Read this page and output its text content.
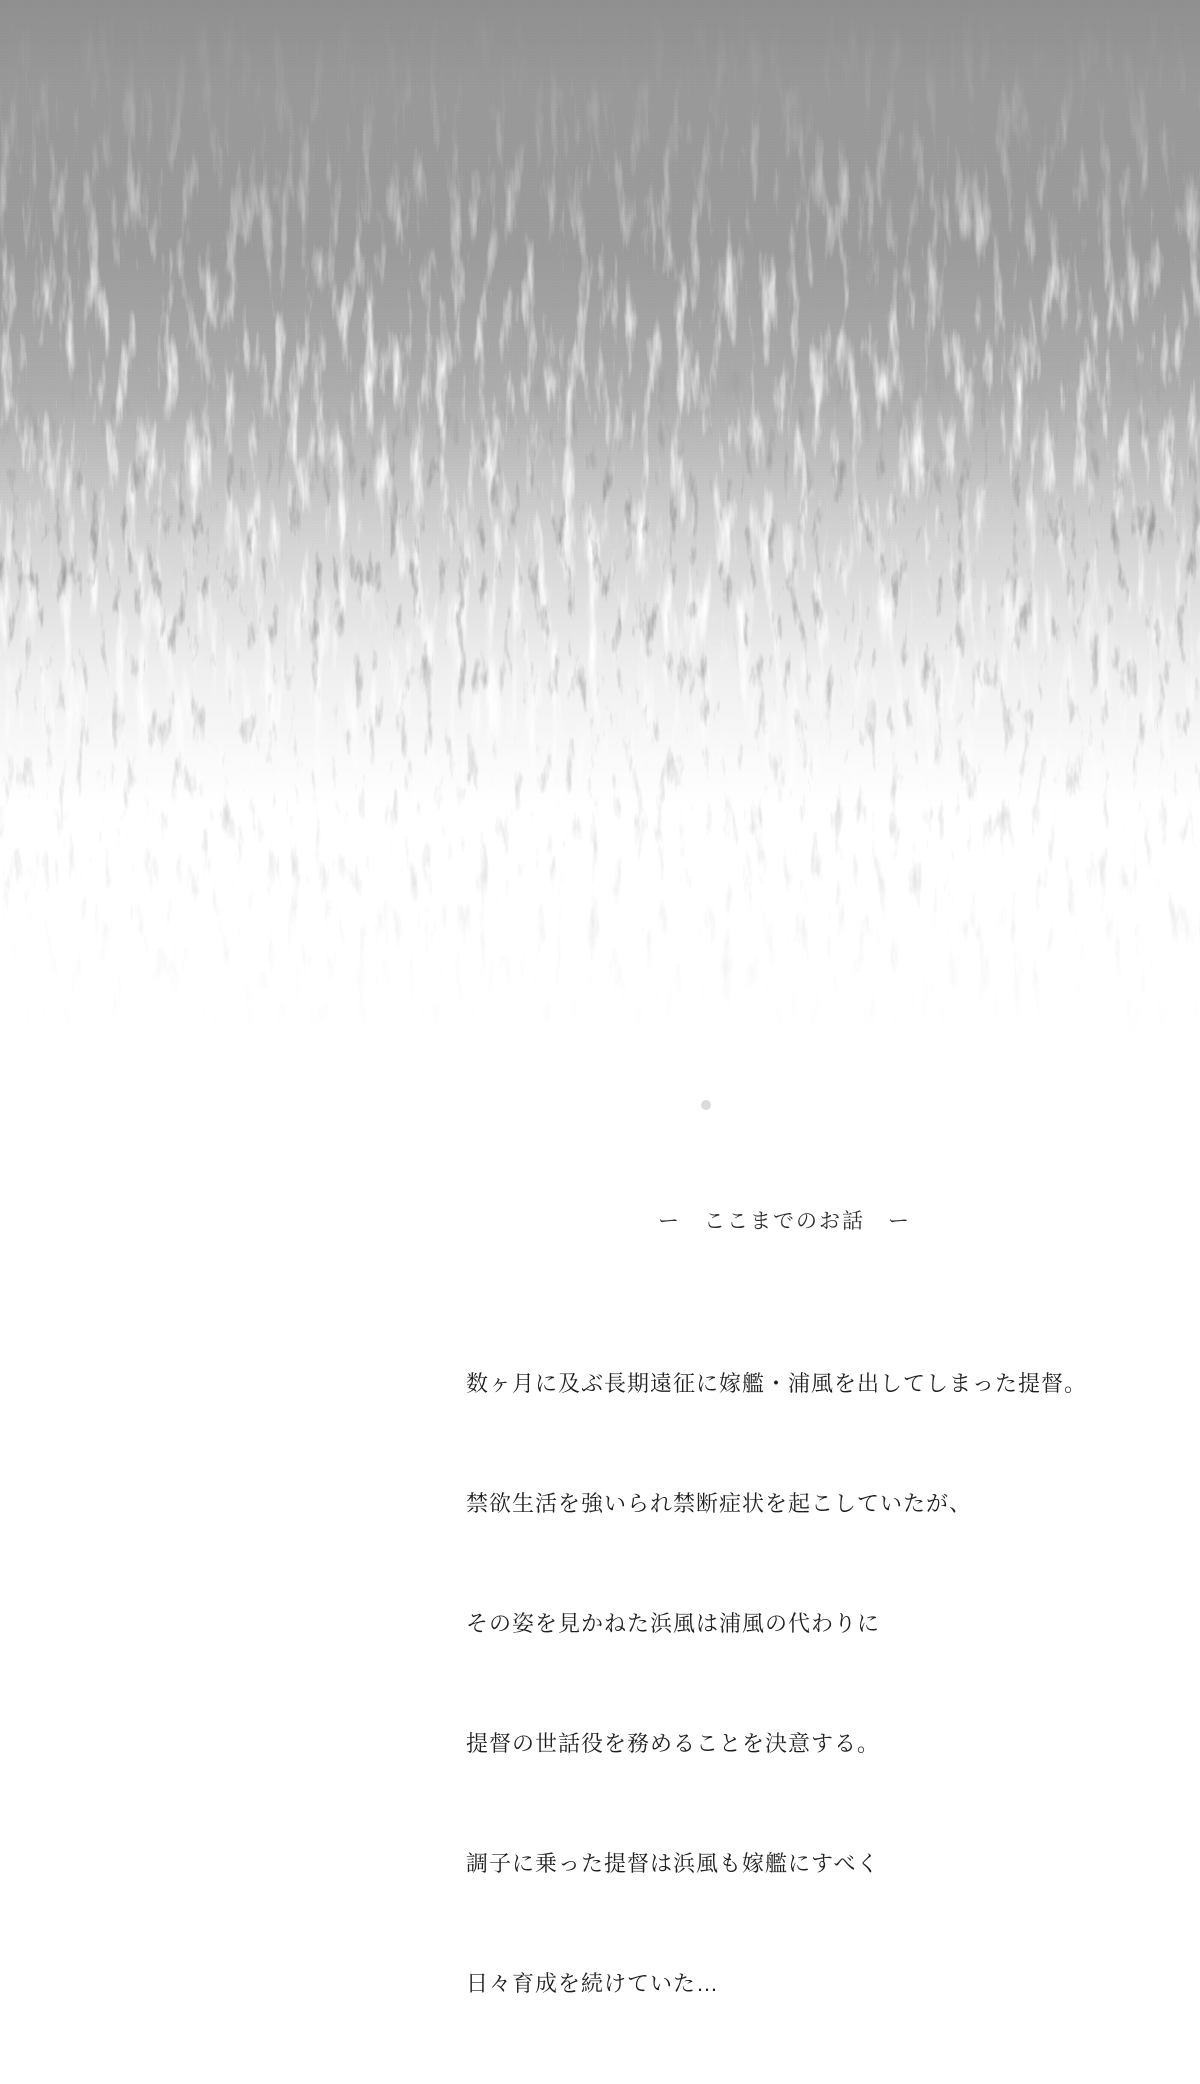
ー　ここまでのお話　ー

数ヶ月に及ぶ長期遠征に嫁艦・浦風を出してしまった提督。

禁欲生活を強いられ禁断症状を起こしていたが、

その姿を見かねた浜風は浦風の代わりに

提督の世話役を務めることを決意する。

調子に乗った提督は浜風も嫁艦にすべく

日々育成を続けていた…
